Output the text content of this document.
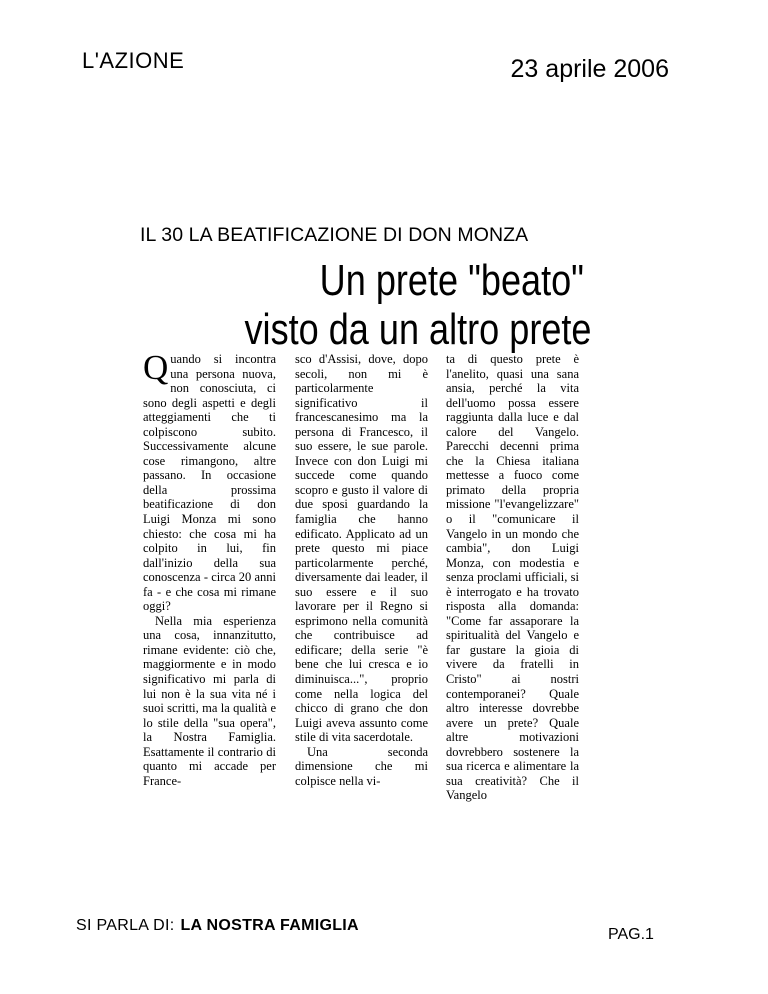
L'AZIONE	23 aprile 2006
IL 30 LA BEATIFICAZIONE DI DON MONZA
Un prete "beato"
visto da un altro prete

Quando si incontra una persona nuova, non conosciuta, ci sono degli aspetti e degli atteggiamenti che ti colpiscono subito. Successivamente alcune cose rimangono, altre passano. In occasione della prossima beatificazione di don Luigi Monza mi sono chiesto: che cosa mi ha colpito in lui, fin dall'inizio della sua conoscenza - circa 20 anni fa - e che cosa mi rimane oggi?

Nella mia esperienza una cosa, innanzitutto, rimane evidente: ciò che, maggiormente e in modo significativo mi parla di lui non è la sua vita né i suoi scritti, ma la qualità e lo stile della "sua opera", la Nostra Famiglia. Esattamente il contrario di quanto mi accade per France-

sco d'Assisi, dove, dopo secoli, non mi è particolarmente significativo il francescanesimo ma la persona di Francesco, il suo essere, le sue parole. Invece con don Luigi mi succede come quando scopro e gusto il valore di due sposi guardando la famiglia che hanno edificato. Applicato ad un prete questo mi piace particolarmente perché, diversamente dai leader, il suo essere e il suo lavorare per il Regno si esprimono nella comunità che contribuisce ad edificare; della serie "è bene che lui cresca e io diminuisca...", proprio come nella logica del chicco di grano che don Luigi aveva assunto come stile di vita sacerdotale.

Una seconda dimensione che mi colpisce nella vi-

ta di questo prete è l'anelito, quasi una sana ansia, perché la vita dell'uomo possa essere raggiunta dalla luce e dal calore del Vangelo. Parecchi decenni prima che la Chiesa italiana mettesse a fuoco come primato della propria missione "l'evangelizzare" o il "comunicare il Vangelo in un mondo che cambia", don Luigi Monza, con modestia e senza proclami ufficiali, si è interrogato e ha trovato risposta alla domanda: "Come far assaporare la spiritualità del Vangelo e far gustare la gioia di vivere da fratelli in Cristo" ai nostri contemporanei? Quale altro interesse dovrebbe avere un prete? Quale altre motivazioni dovrebbero sostenere la sua ricerca e alimentare la sua creatività? Che il Vangelo

SI PARLA DI: LA NOSTRA FAMIGLIA
PAG.1
